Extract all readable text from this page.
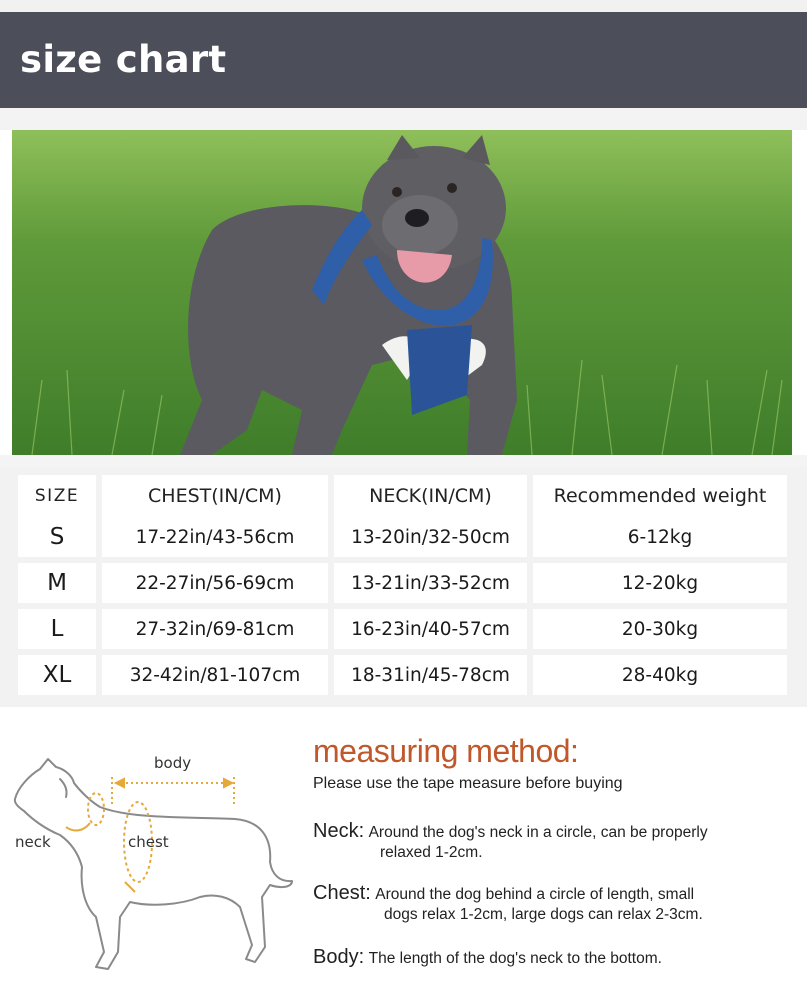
size chart
SIZE	CHEST(IN/CM)	NECK(IN/CM)	Recommended weight
S	17-22in/43-56cm	13-20in/32-50cm	6-12kg
M	22-27in/56-69cm	13-21in/33-52cm	12-20kg
L	27-32in/69-81cm	16-23in/40-57cm	20-30kg
XL	32-42in/81-107cm	18-31in/45-78cm	28-40kg
body
neck	chest
measuring method:
Please use the tape measure before buying
Neck: Around the dog's neck in a circle, can be properly
relaxed 1-2cm.
Chest: Around the dog behind a circle of length, small
dogs relax 1-2cm, large dogs can relax 2-3cm.
Body: The length of the dog's neck to the bottom.
